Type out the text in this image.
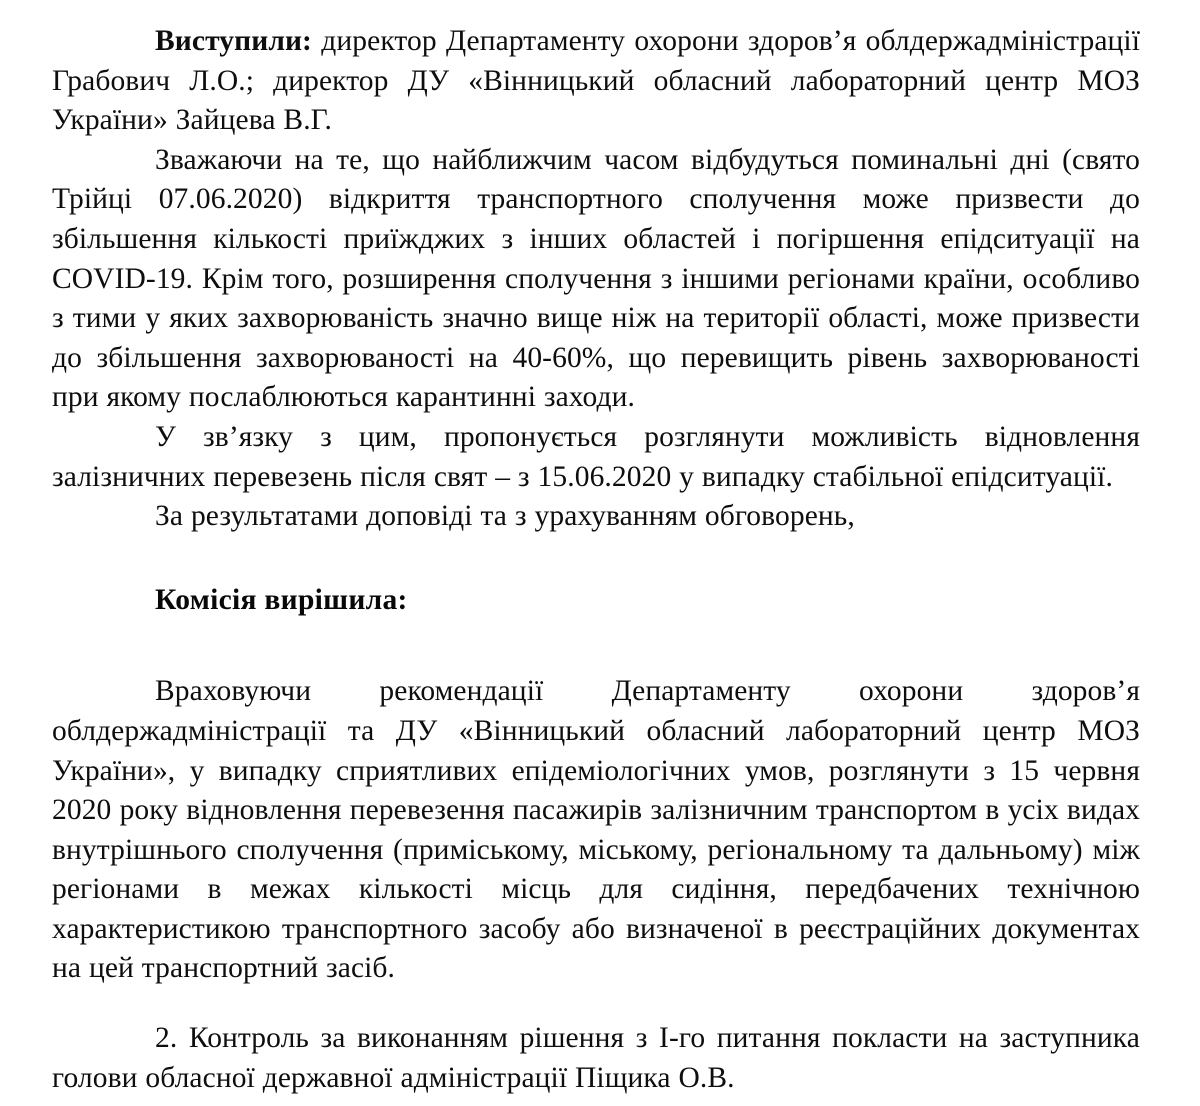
Виступили: директор Департаменту охорони здоров’я облдержадміністрації Грабович Л.О.; директор ДУ «Вінницький обласний лабораторний центр МОЗ України» Зайцева В.Г.

Зважаючи на те, що найближчим часом відбудуться поминальні дні (свято Трійці 07.06.2020) відкриття транспортного сполучення може призвести до збільшення кількості приїжджих з інших областей і погіршення епідситуації на COVID-19. Крім того, розширення сполучення з іншими регіонами країни, особливо з тими у яких захворюваність значно вище ніж на території області, може призвести до збільшення захворюваності на 40-60%, що перевищить рівень захворюваності при якому послаблюються карантинні заходи.

У зв’язку з цим, пропонується розглянути можливість відновлення залізничних перевезень після свят – з 15.06.2020 у випадку стабільної епідситуації.

За результатами доповіді та з урахуванням обговорень,

Комісія вирішила:

Враховуючи рекомендації Департаменту охорони здоров’я облдержадміністрації та ДУ «Вінницький обласний лабораторний центр МОЗ України», у випадку сприятливих епідеміологічних умов, розглянути з 15 червня 2020 року відновлення перевезення пасажирів залізничним транспортом в усіх видах внутрішнього сполучення (приміському, міському, регіональному та дальньому) між регіонами в межах кількості місць для сидіння, передбачених технічною характеристикою транспортного засобу або визначеної в реєстраційних документах на цей транспортний засіб.

2. Контроль за виконанням рішення з І-го питання покласти на заступника голови обласної державної адміністрації Піщика О.В.
